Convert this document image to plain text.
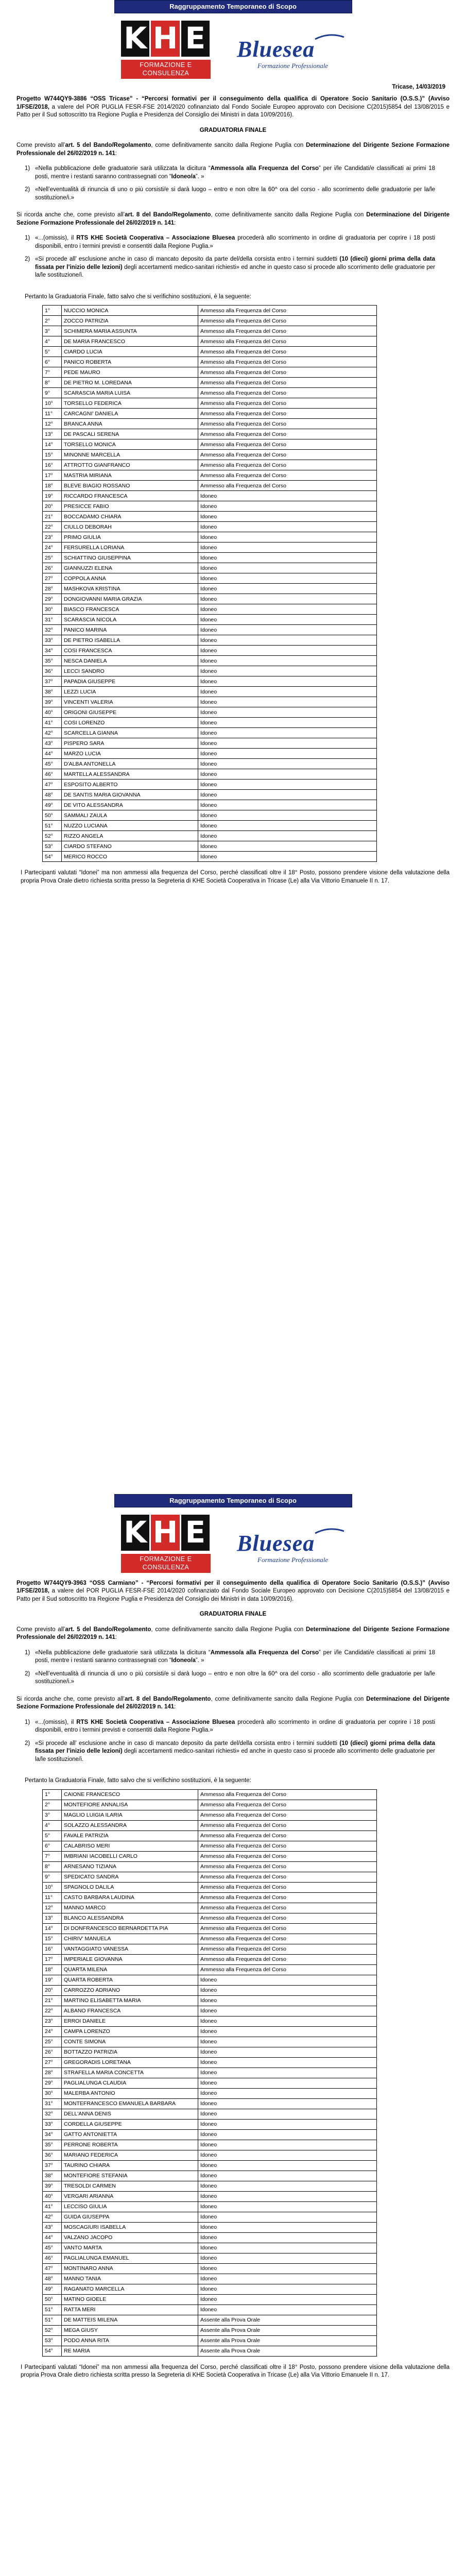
Raggruppamento Temporaneo di Scopo
K H E
FORMAZIONE E CONSULENZA
Bluesea
Formazione Professionale
Tricase, 14/03/2019
Progetto W744QY9-3886 “OSS Tricase” - “Percorsi formativi per il conseguimento della qualifica di Operatore Socio Sanitario (O.S.S.)” (Avviso 1/FSE/2018, a valere del POR PUGLIA FESR-FSE 2014/2020 cofinanziato dal Fondo Sociale Europeo approvato con Decisione C(2015)5854 del 13/08/2015 e Patto per il Sud sottoscritto tra Regione Puglia e Presidenza del Consiglio dei Ministri in data 10/09/2016).
GRADUATORIA FINALE
Come previsto all’art. 5 del Bando/Regolamento, come definitivamente sancito dalla Regione Puglia con Determinazione del Dirigente Sezione Formazione Professionale del 26/02/2019 n. 141:
1) «Nella pubblicazione delle graduatorie sarà utilizzata la dicitura “Ammesso/a alla Frequenza del Corso” per i/le Candidati/e classificati ai primi 18 posti, mentre i restanti saranno contrassegnati con “Idoneo/a”. »
2) «Nell’eventualità di rinuncia di uno o più corsisti/e si darà luogo – entro e non oltre la 60^ ora del corso - allo scorrimento delle graduatorie per la/le sostituzione/i.»
Si ricorda anche che, come previsto all’art. 8 del Bando/Regolamento, come definitivamente sancito dalla Regione Puglia con Determinazione del Dirigente Sezione Formazione Professionale del 26/02/2019 n. 141:
1) «...(omissis), il RTS KHE Società Cooperativa – Associazione Bluesea procederà allo scorrimento in ordine di graduatoria per coprire i 18 posti disponibili, entro i termini previsti e consentiti dalla Regione Puglia.»
2) «Si procede all’ esclusione anche in caso di mancato deposito da parte del/della corsista entro i termini suddetti (10 (dieci) giorni prima della data fissata per l’inizio delle lezioni) degli accertamenti medico-sanitari richiesti» ed anche in questo caso si procede allo scorrimento delle graduatorie per la/le sostituzione/i.
Pertanto la Graduatoria Finale, fatto salvo che si verifichino sostituzioni, è la seguente:
1°	NUCCIO MONICA	Ammesso alla Frequenza del Corso
2°	ZOCCO PATRIZIA	Ammesso alla Frequenza del Corso
3°	SCHIMERA MARIA ASSUNTA	Ammesso alla Frequenza del Corso
4°	DE MARIA FRANCESCO	Ammesso alla Frequenza del Corso
5°	CIARDO LUCIA	Ammesso alla Frequenza del Corso
6°	PANICO ROBERTA	Ammesso alla Frequenza del Corso
7°	PEDE MAURO	Ammesso alla Frequenza del Corso
8°	DE PIETRO M. LOREDANA	Ammesso alla Frequenza del Corso
9°	SCARASCIA MARIA LUISA	Ammesso alla Frequenza del Corso
10°	TORSELLO FEDERICA	Ammesso alla Frequenza del Corso
11°	CARCAGNI' DANIELA	Ammesso alla Frequenza del Corso
12°	BRANCA ANNA	Ammesso alla Frequenza del Corso
13°	DE PASCALI SERENA	Ammesso alla Frequenza del Corso
14°	TORSELLO MONICA	Ammesso alla Frequenza del Corso
15°	MINONNE MARCELLA	Ammesso alla Frequenza del Corso
16°	ATTROTTO GIANFRANCO	Ammesso alla Frequenza del Corso
17°	MASTRIA MIRIANA	Ammesso alla Frequenza del Corso
18°	BLEVE BIAGIO ROSSANO	Ammesso alla Frequenza del Corso
19°	RICCARDO FRANCESCA	Idoneo
20°	PRESICCE FABIO	Idoneo
21°	BOCCADAMO CHIARA	Idoneo
22°	CIULLO DEBORAH	Idoneo
23°	PRIMO GIULIA	Idoneo
24°	FERSURELLA LORIANA	Idoneo
25°	SCHIATTINO GIUSEPPINA	Idoneo
26°	GIANNUZZI ELENA	Idoneo
27°	COPPOLA ANNA	Idoneo
28°	MASHKOVA KRISTINA	Idoneo
29°	DONGIOVANNI MARIA GRAZIA	Idoneo
30°	BIASCO FRANCESCA	Idoneo
31°	SCARASCIA NICOLA	Idoneo
32°	PANICO MARINA	Idoneo
33°	DE PIETRO ISABELLA	Idoneo
34°	COSI FRANCESCA	Idoneo
35°	NESCA DANIELA	Idoneo
36°	LECCI SANDRO	Idoneo
37°	PAPADIA GIUSEPPE	Idoneo
38°	LEZZI LUCIA	Idoneo
39°	VINCENTI VALERIA	Idoneo
40°	ORIGONI GIUSEPPE	Idoneo
41°	COSI LORENZO	Idoneo
42°	SCARCELLA GIANNA	Idoneo
43°	PISPERO SARA	Idoneo
44°	MARZO LUCIA	Idoneo
45°	D'ALBA ANTONELLA	Idoneo
46°	MARTELLA ALESSANDRA	Idoneo
47°	ESPOSITO ALBERTO	Idoneo
48°	DE SANTIS MARIA GIOVANNA	Idoneo
49°	DE VITO ALESSANDRA	Idoneo
50°	SAMMALI ZAULA	Idoneo
51°	NUZZO LUCIANA	Idoneo
52°	RIZZO ANGELA	Idoneo
53°	CIARDO STEFANO	Idoneo
54°	MERICO ROCCO	Idoneo
I Partecipanti valutati “Idonei” ma non ammessi alla frequenza del Corso, perché classificati oltre il 18° Posto, possono prendere visione della valutazione della propria Prova Orale dietro richiesta scritta presso la Segreteria di KHE Società Cooperativa in Tricase (Le) alla Via Vittorio Emanuele II n. 17.
Raggruppamento Temporaneo di Scopo
K H E
FORMAZIONE E CONSULENZA
Bluesea
Formazione Professionale
Progetto W744QY9-3963 “OSS Carmiano” - “Percorsi formativi per il conseguimento della qualifica di Operatore Socio Sanitario (O.S.S.)” (Avviso 1/FSE/2018, a valere del POR PUGLIA FESR-FSE 2014/2020 cofinanziato dal Fondo Sociale Europeo approvato con Decisione C(2015)5854 del 13/08/2015 e Patto per il Sud sottoscritto tra Regione Puglia e Presidenza del Consiglio dei Ministri in data 10/09/2016).
GRADUATORIA FINALE
Come previsto all’art. 5 del Bando/Regolamento, come definitivamente sancito dalla Regione Puglia con Determinazione del Dirigente Sezione Formazione Professionale del 26/02/2019 n. 141:
1) «Nella pubblicazione delle graduatorie sarà utilizzata la dicitura “Ammesso/a alla Frequenza del Corso” per i/le Candidati/e classificati ai primi 18 posti, mentre i restanti saranno contrassegnati con “Idoneo/a”. »
2) «Nell’eventualità di rinuncia di uno o più corsisti/e si darà luogo – entro e non oltre la 60^ ora del corso - allo scorrimento delle graduatorie per la/le sostituzione/i.»
Si ricorda anche che, come previsto all’art. 8 del Bando/Regolamento, come definitivamente sancito dalla Regione Puglia con Determinazione del Dirigente Sezione Formazione Professionale del 26/02/2019 n. 141:
1) «...(omissis), il RTS KHE Società Cooperativa – Associazione Bluesea procederà allo scorrimento in ordine di graduatoria per coprire i 18 posti disponibili, entro i termini previsti e consentiti dalla Regione Puglia.»
2) «Si procede all’ esclusione anche in caso di mancato deposito da parte del/della corsista entro i termini suddetti (10 (dieci) giorni prima della data fissata per l’inizio delle lezioni) degli accertamenti medico-sanitari richiesti» ed anche in questo caso si procede allo scorrimento delle graduatorie per la/le sostituzione/i.
Pertanto la Graduatoria Finale, fatto salvo che si verifichino sostituzioni, è la seguente:
1°	CAIONE FRANCESCO	Ammesso alla Frequenza del Corso
2°	MONTEFIORE ANNALISA	Ammesso alla Frequenza del Corso
3°	MAGLIO LUIGIA ILARIA	Ammesso alla Frequenza del Corso
4°	SOLAZZO ALESSANDRA	Ammesso alla Frequenza del Corso
5°	FAVALE PATRIZIA	Ammesso alla Frequenza del Corso
6°	CALABRISO MERI	Ammesso alla Frequenza del Corso
7°	IMBRIANI IACOBELLI CARLO	Ammesso alla Frequenza del Corso
8°	ARNESANO TIZIANA	Ammesso alla Frequenza del Corso
9°	SPEDICATO SANDRA	Ammesso alla Frequenza del Corso
10°	SPAGNOLO DALILA	Ammesso alla Frequenza del Corso
11°	CASTO BARBARA LAUDINA	Ammesso alla Frequenza del Corso
12°	MANNO MARCO	Ammesso alla Frequenza del Corso
13°	BLANCO ALESSANDRA	Ammesso alla Frequenza del Corso
14°	DI DONFRANCESCO BERNARDETTA PIA	Ammesso alla Frequenza del Corso
15°	CHIRIV' MANUELA	Ammesso alla Frequenza del Corso
16°	VANTAGGIATO VANESSA	Ammesso alla Frequenza del Corso
17°	IMPERIALE GIOVANNA	Ammesso alla Frequenza del Corso
18°	QUARTA MILENA	Ammesso alla Frequenza del Corso
19°	QUARTA ROBERTA	Idoneo
20°	CARROZZO ADRIANO	Idoneo
21°	MARTINO ELISABETTA MARIA	Idoneo
22°	ALBANO FRANCESCA	Idoneo
23°	ERROI DANIELE	Idoneo
24°	CAMPA LORENZO	Idoneo
25°	CONTE SIMONA	Idoneo
26°	BOTTAZZO PATRIZIA	Idoneo
27°	GREGORADIS LORETANA	Idoneo
28°	STRAFELLA MARIA CONCETTA	Idoneo
29°	PAGLIALUNGA CLAUDIA	Idoneo
30°	MALERBA ANTONIO	Idoneo
31°	MONTEFRANCESCO EMANUELA BARBARA	Idoneo
32°	DELL'ANNA DENIS	Idoneo
33°	CORDELLA GIUSEPPE	Idoneo
34°	GATTO ANTONIETTA	Idoneo
35°	PERRONE ROBERTA	Idoneo
36°	MARIANO FEDERICA	Idoneo
37°	TAURINO CHIARA	Idoneo
38°	MONTEFIORE STEFANIA	Idoneo
39°	TRESOLDI CARMEN	Idoneo
40°	VERGARI ARIANNA	Idoneo
41°	LECCISO GIULIA	Idoneo
42°	GUIDA GIUSEPPA	Idoneo
43°	MOSCAGIURI ISABELLA	Idoneo
44°	VALZANO JACOPO	Idoneo
45°	VANTO MARTA	Idoneo
46°	PAGLIALUNGA EMANUEL	Idoneo
47°	MONTINARO ANNA	Idoneo
48°	MANNO TANIA	Idoneo
49°	RAGANATO MARCELLA	Idoneo
50°	MATINO GIOELE	Idoneo
51°	RATTA MERI	Idoneo
51°	DE MATTEIS MILENA	Assente alla Prova Orale
52°	MEGA GIUSY	Assente alla Prova Orale
53°	PODO ANNA RITA	Assente alla Prova Orale
54°	RE MARIA	Assente alla Prova Orale
I Partecipanti valutati “Idonei” ma non ammessi alla frequenza del Corso, perché classificati oltre il 18° Posto, possono prendere visione della valutazione della propria Prova Orale dietro richiesta scritta presso la Segreteria di KHE Società Cooperativa in Tricase (Le) alla Via Vittorio Emanuele II n. 17.
